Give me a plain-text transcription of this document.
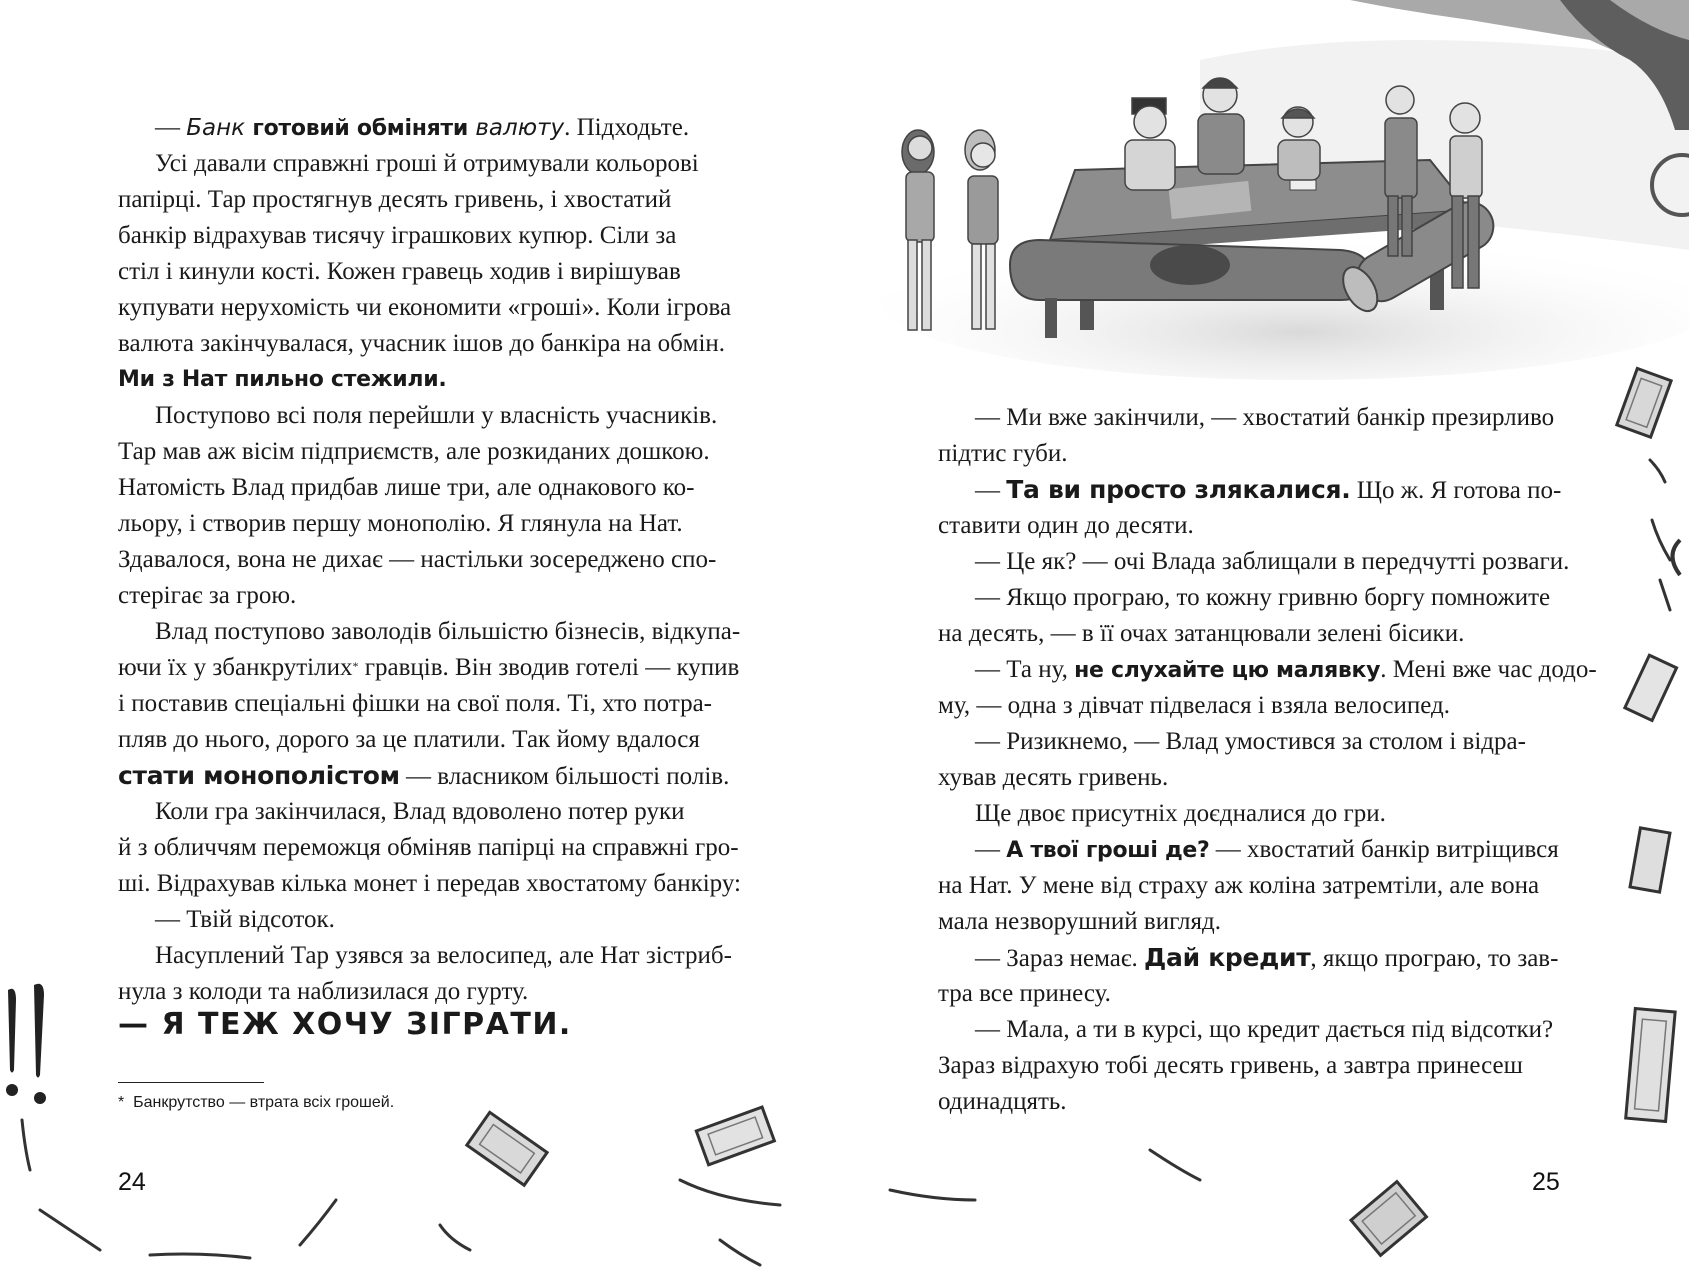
— Банк готовий обміняти валюту. Підходьте.
Усі давали справжні гроші й отримували кольорові
папірці. Тар простягнув десять гривень, і хвостатий
банкір відрахував тисячу іграшкових купюр. Сіли за
стіл і кинули кості. Кожен гравець ходив і вирішував
купувати нерухомість чи економити «гроші». Коли ігрова
валюта закінчувалася, учасник ішов до банкіра на обмін.
Ми з Нат пильно стежили.
Поступово всі поля перейшли у власність учасників.
Тар мав аж вісім підприємств, але розкиданих дошкою.
Натомість Влад придбав лише три, але однакового ко-
льору, і створив першу монополію. Я глянула на Нат.
Здавалося, вона не дихає — настільки зосереджено спо-
стерігає за грою.
Влад поступово заволодів більшістю бізнесів, відкупа-
ючи їх у збанкрутілих* гравців. Він зводив готелі — купив
і поставив спеціальні фішки на свої поля. Ті, хто потра-
пляв до нього, дорого за це платили. Так йому вдалося
стати монополістом — власником більшості полів.
Коли гра закінчилася, Влад вдоволено потер руки
й з обличчям переможця обміняв папірці на справжні гро-
ші. Відрахував кілька монет і передав хвостатому банкіру:
— Твій відсоток.
Насуплений Тар узявся за велосипед, але Нат зістриб-
нула з колоди та наблизилася до гурту.
— Я ТЕЖ ХОЧУ ЗІГРАТИ.
* Банкрутство — втрата всіх грошей.
24
— Ми вже закінчили, — хвостатий банкір презирливо
підтис губи.
— Та ви просто злякалися. Що ж. Я готова по-
ставити один до десяти.
— Це як? — очі Влада заблищали в передчутті розваги.
— Якщо програю, то кожну гривню боргу помножите
на десять, — в її очах затанцювали зелені бісики.
— Та ну, не слухайте цю малявку. Мені вже час додо-
му, — одна з дівчат підвелася і взяла велосипед.
— Ризикнемо, — Влад умостився за столом і відра-
хував десять гривень.
Ще двоє присутніх доєдналися до гри.
— А твої гроші де? — хвостатий банкір витріщився
на Нат. У мене від страху аж коліна затремтіли, але вона
мала незворушний вигляд.
— Зараз немає. Дай кредит, якщо програю, то зав-
тра все принесу.
— Мала, а ти в курсі, що кредит дається під відсотки?
Зараз відрахую тобі десять гривень, а завтра принесеш
одинадцять.
25
